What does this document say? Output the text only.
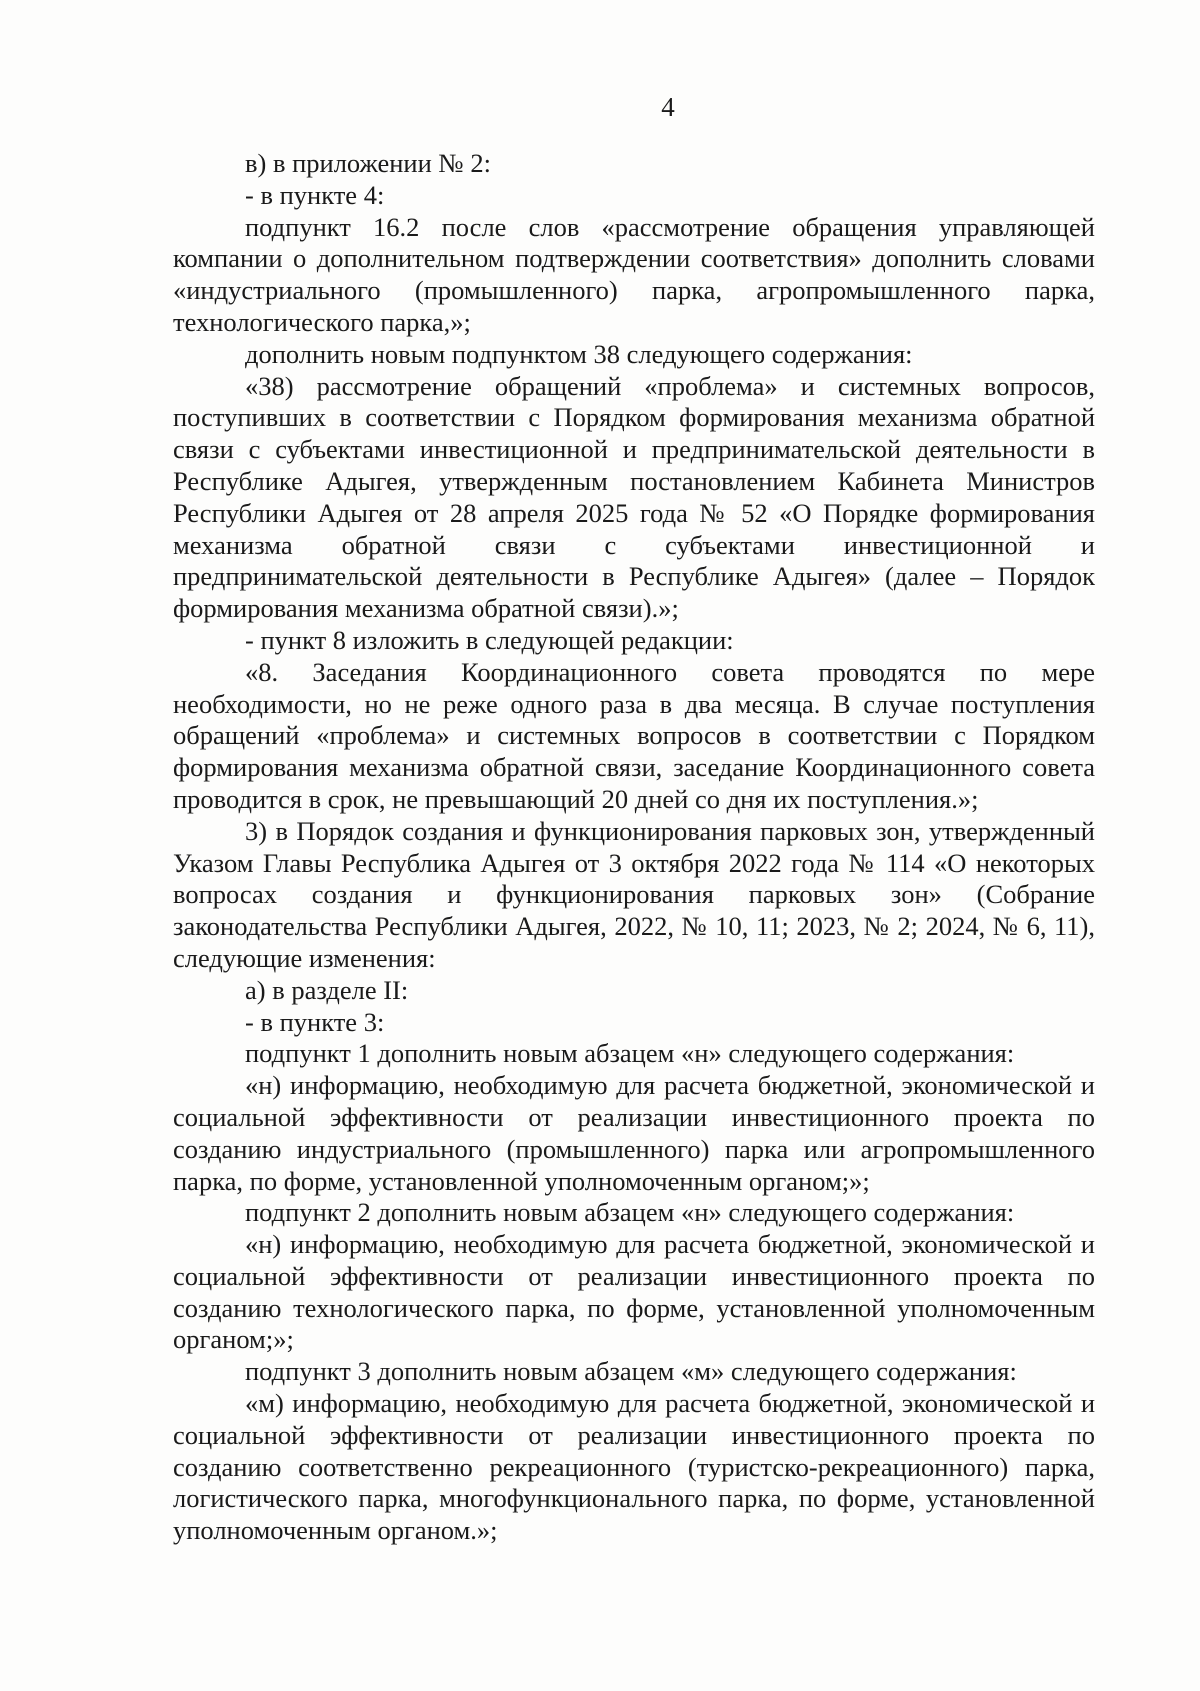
4

в) в приложении № 2:

- в пункте 4:

подпункт 16.2 после слов «рассмотрение обращения управляющей компании о дополнительном подтверждении соответствия» дополнить словами «индустриального (промышленного) парка, агропромышленного парка, технологического парка,»;

дополнить новым подпунктом 38 следующего содержания:

«38) рассмотрение обращений «проблема» и системных вопросов, поступивших в соответствии с Порядком формирования механизма обратной связи с субъектами инвестиционной и предпринимательской деятельности в Республике Адыгея, утвержденным постановлением Кабинета Министров Республики Адыгея от 28 апреля 2025 года № 52 «О Порядке формирования механизма обратной связи с субъектами инвестиционной и предпринимательской деятельности в Республике Адыгея» (далее – Порядок формирования механизма обратной связи).»;

- пункт 8 изложить в следующей редакции:

«8. Заседания Координационного совета проводятся по мере необходимости, но не реже одного раза в два месяца. В случае поступления обращений «проблема» и системных вопросов в соответствии с Порядком формирования механизма обратной связи, заседание Координационного совета проводится в срок, не превышающий 20 дней со дня их поступления.»;

3) в Порядок создания и функционирования парковых зон, утвержденный Указом Главы Республика Адыгея от 3 октября 2022 года № 114 «О некоторых вопросах создания и функционирования парковых зон» (Собрание законодательства Республики Адыгея, 2022, № 10, 11; 2023, № 2; 2024, № 6, 11), следующие изменения:

а) в разделе II:

- в пункте 3:

подпункт 1 дополнить новым абзацем «н» следующего содержания:

«н) информацию, необходимую для расчета бюджетной, экономической и социальной эффективности от реализации инвестиционного проекта по созданию индустриального (промышленного) парка или агропромышленного парка, по форме, установленной уполномоченным органом;»;

подпункт 2 дополнить новым абзацем «н» следующего содержания:

«н) информацию, необходимую для расчета бюджетной, экономической и социальной эффективности от реализации инвестиционного проекта по созданию технологического парка, по форме, установленной уполномоченным органом;»;

подпункт 3 дополнить новым абзацем «м» следующего содержания:

«м) информацию, необходимую для расчета бюджетной, экономической и социальной эффективности от реализации инвестиционного проекта по созданию соответственно рекреационного (туристско-рекреационного) парка, логистического парка, многофункционального парка, по форме, установленной уполномоченным органом.»;
